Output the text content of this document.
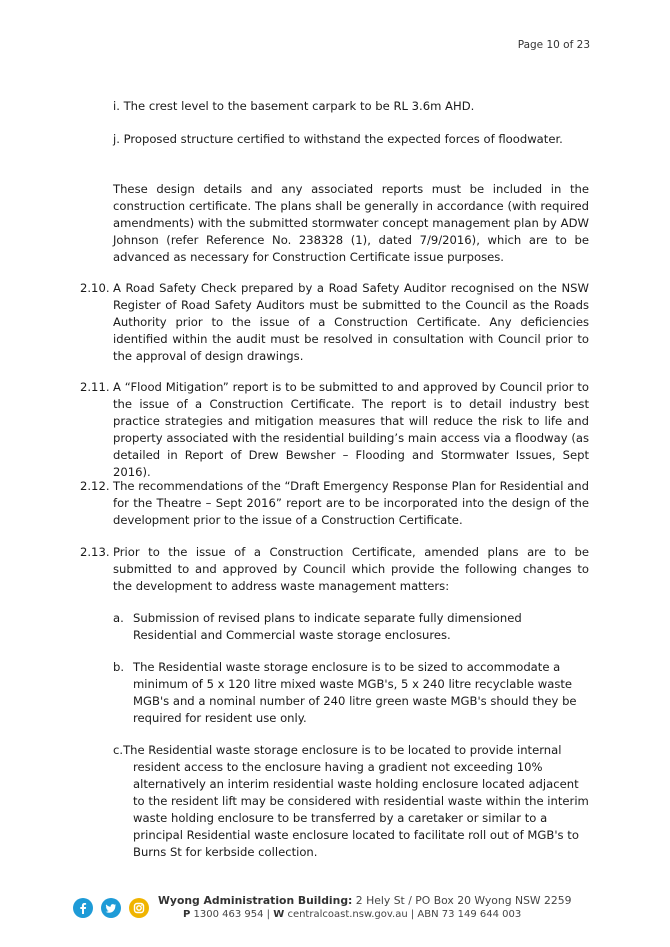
Page 10 of 23
i. The crest level to the basement carpark to be RL 3.6m AHD.
j. Proposed structure certified to withstand the expected forces of floodwater.
These design details and any associated reports must be included in the construction certificate. The plans shall be generally in accordance (with required amendments) with the submitted stormwater concept management plan by ADW Johnson (refer Reference No. 238328 (1), dated 7/9/2016), which are to be advanced as necessary for Construction Certificate issue purposes.
2.10. A Road Safety Check prepared by a Road Safety Auditor recognised on the NSW Register of Road Safety Auditors must be submitted to the Council as the Roads Authority prior to the issue of a Construction Certificate. Any deficiencies identified within the audit must be resolved in consultation with Council prior to the approval of design drawings.
2.11. A “Flood Mitigation” report is to be submitted to and approved by Council prior to the issue of a Construction Certificate. The report is to detail industry best practice strategies and mitigation measures that will reduce the risk to life and property associated with the residential building’s main access via a floodway (as detailed in Report of Drew Bewsher – Flooding and Stormwater Issues, Sept 2016).
2.12. The recommendations of the “Draft Emergency Response Plan for Residential and for the Theatre – Sept 2016” report are to be incorporated into the design of the development prior to the issue of a Construction Certificate.
2.13. Prior to the issue of a Construction Certificate, amended plans are to be submitted to and approved by Council which provide the following changes to the development to address waste management matters:
a. Submission of revised plans to indicate separate fully dimensioned Residential and Commercial waste storage enclosures.
b. The Residential waste storage enclosure is to be sized to accommodate a minimum of 5 x 120 litre mixed waste MGB's, 5 x 240 litre recyclable waste MGB's and a nominal number of 240 litre green waste MGB's should they be required for resident use only.
c.The Residential waste storage enclosure is to be located to provide internal resident access to the enclosure having a gradient not exceeding 10% alternatively an interim residential waste holding enclosure located adjacent to the resident lift may be considered with residential waste within the interim waste holding enclosure to be transferred by a caretaker or similar to a principal Residential waste enclosure located to facilitate roll out of MGB's to Burns St for kerbside collection.
Wyong Administration Building: 2 Hely St / PO Box 20 Wyong NSW 2259
P 1300 463 954 | W centralcoast.nsw.gov.au | ABN 73 149 644 003
